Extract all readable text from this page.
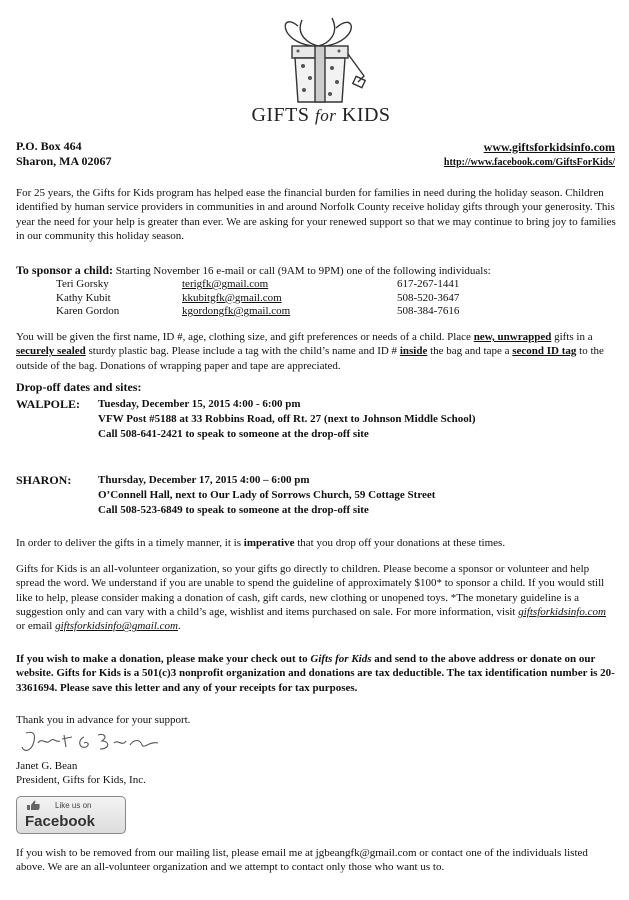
GIFTS for KIDS
P.O. Box 464
Sharon, MA 02067
www.giftsforkidsinfo.com
http://www.facebook.com/GiftsForKids/
For 25 years, the Gifts for Kids program has helped ease the financial burden for families in need during the holiday season. Children identified by human service providers in communities in and around Norfolk County receive holiday gifts through your generosity. This year the need for your help is greater than ever. We are asking for your renewed support so that we may continue to bring joy to families in our community this holiday season.
To sponsor a child: Starting November 16 e-mail or call (9AM to 9PM) one of the following individuals:
Teri Gorsky	terigfk@gmail.com	617-267-1441
Kathy Kubit	kkubitgfk@gmail.com	508-520-3647
Karen Gordon	kgordongfk@gmail.com	508-384-7616
You will be given the first name, ID #, age, clothing size, and gift preferences or needs of a child. Place new, unwrapped gifts in a securely sealed sturdy plastic bag. Please include a tag with the child’s name and ID # inside the bag and tape a second ID tag to the outside of the bag. Donations of wrapping paper and tape are appreciated.
Drop-off dates and sites:
WALPOLE: Tuesday, December 15, 2015 4:00 - 6:00 pm
VFW Post #5188 at 33 Robbins Road, off Rt. 27 (next to Johnson Middle School)
Call 508-641-2421 to speak to someone at the drop-off site
SHARON: Thursday, December 17, 2015 4:00 – 6:00 pm
O’Connell Hall, next to Our Lady of Sorrows Church, 59 Cottage Street
Call 508-523-6849 to speak to someone at the drop-off site
In order to deliver the gifts in a timely manner, it is imperative that you drop off your donations at these times.
Gifts for Kids is an all-volunteer organization, so your gifts go directly to children. Please become a sponsor or volunteer and help spread the word. We understand if you are unable to spend the guideline of approximately $100* to sponsor a child. If you would still like to help, please consider making a donation of cash, gift cards, new clothing or unopened toys. *The monetary guideline is a suggestion only and can vary with a child’s age, wishlist and items purchased on sale. For more information, visit giftsforkidsinfo.com or email giftsforkidsinfo@gmail.com.
If you wish to make a donation, please make your check out to Gifts for Kids and send to the above address or donate on our website. Gifts for Kids is a 501(c)3 nonprofit organization and donations are tax deductible. The tax identification number is 20-3361694. Please save this letter and any of your receipts for tax purposes.
Thank you in advance for your support.
Janet G. Bean
President, Gifts for Kids, Inc.
Like us on
Facebook
If you wish to be removed from our mailing list, please email me at jgbeangfk@gmail.com or contact one of the individuals listed above. We are an all-volunteer organization and we attempt to contact only those who want us to.
